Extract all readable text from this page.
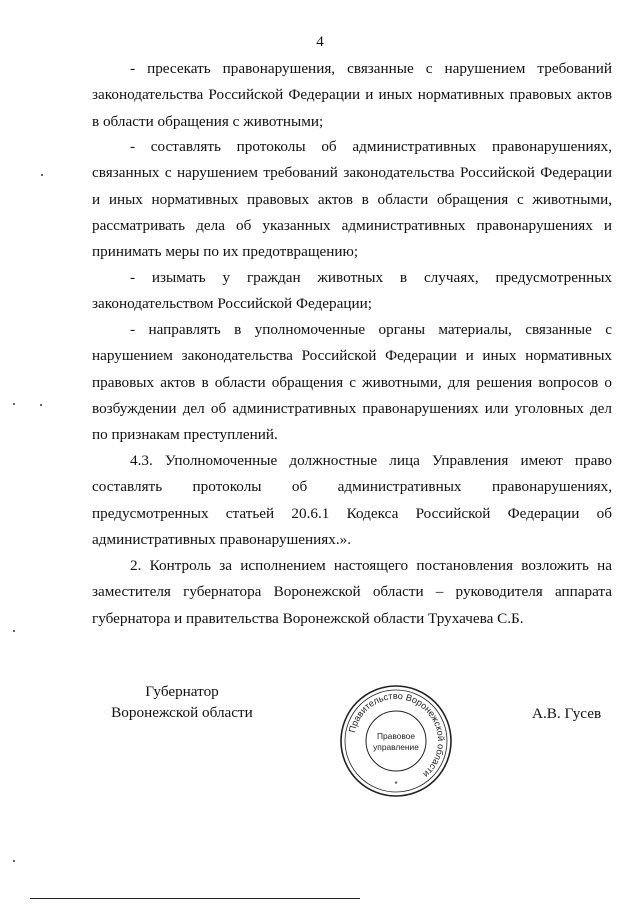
4

- пресекать правонарушения, связанные с нарушением требований законодательства Российской Федерации и иных нормативных правовых актов в области обращения с животными;

- составлять протоколы об административных правонарушениях, связанных с нарушением требований законодательства Российской Федерации и иных нормативных правовых актов в области обращения с животными, рассматривать дела об указанных административных правонарушениях и принимать меры по их предотвращению;

- изымать у граждан животных в случаях, предусмотренных законодательством Российской Федерации;

- направлять в уполномоченные органы материалы, связанные с нарушением законодательства Российской Федерации и иных нормативных правовых актов в области обращения с животными, для решения вопросов о возбуждении дел об административных правонарушениях или уголовных дел по признакам преступлений.

4.3. Уполномоченные должностные лица Управления имеют право составлять протоколы об административных правонарушениях, предусмотренных статьей 20.6.1 Кодекса Российской Федерации об административных правонарушениях.».

2. Контроль за исполнением настоящего постановления возложить на заместителя губернатора Воронежской области – руководителя аппарата губернатора и правительства Воронежской области Трухачева С.Б.

Губернатор
Воронежской области
Правительство Воронежской области
Правовое
управление
*
А.В. Гусев
